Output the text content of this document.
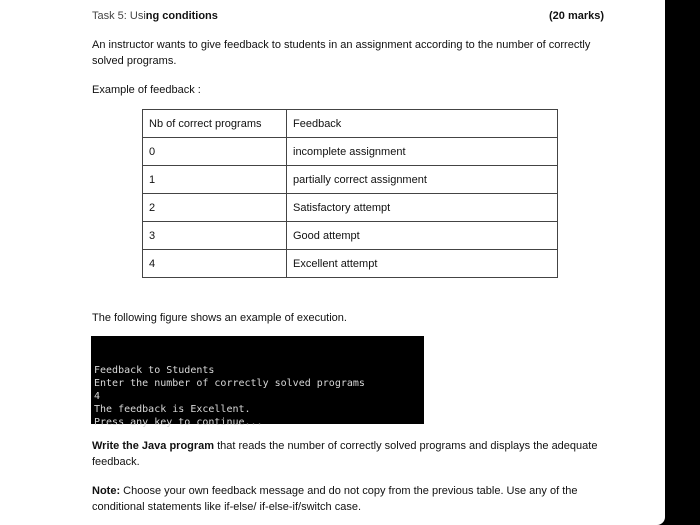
Task 5: Using conditions	(20 marks)
An instructor wants to give feedback to students in an assignment according to the number of correctly solved programs.
Example of feedback :
Nb of correct programs	Feedback
0	incomplete assignment
1	partially correct assignment
2	Satisfactory attempt
3	Good attempt
4	Excellent attempt
The following figure shows an example of execution.

Feedback to Students
Enter the number of correctly solved programs
4
The feedback is Excellent.
Press any key to continue...

Write the Java program that reads the number of correctly solved programs and displays the adequate feedback.
Note: Choose your own feedback message and do not copy from the previous table. Use any of the conditional statements like if-else/ if-else-if/switch case.
